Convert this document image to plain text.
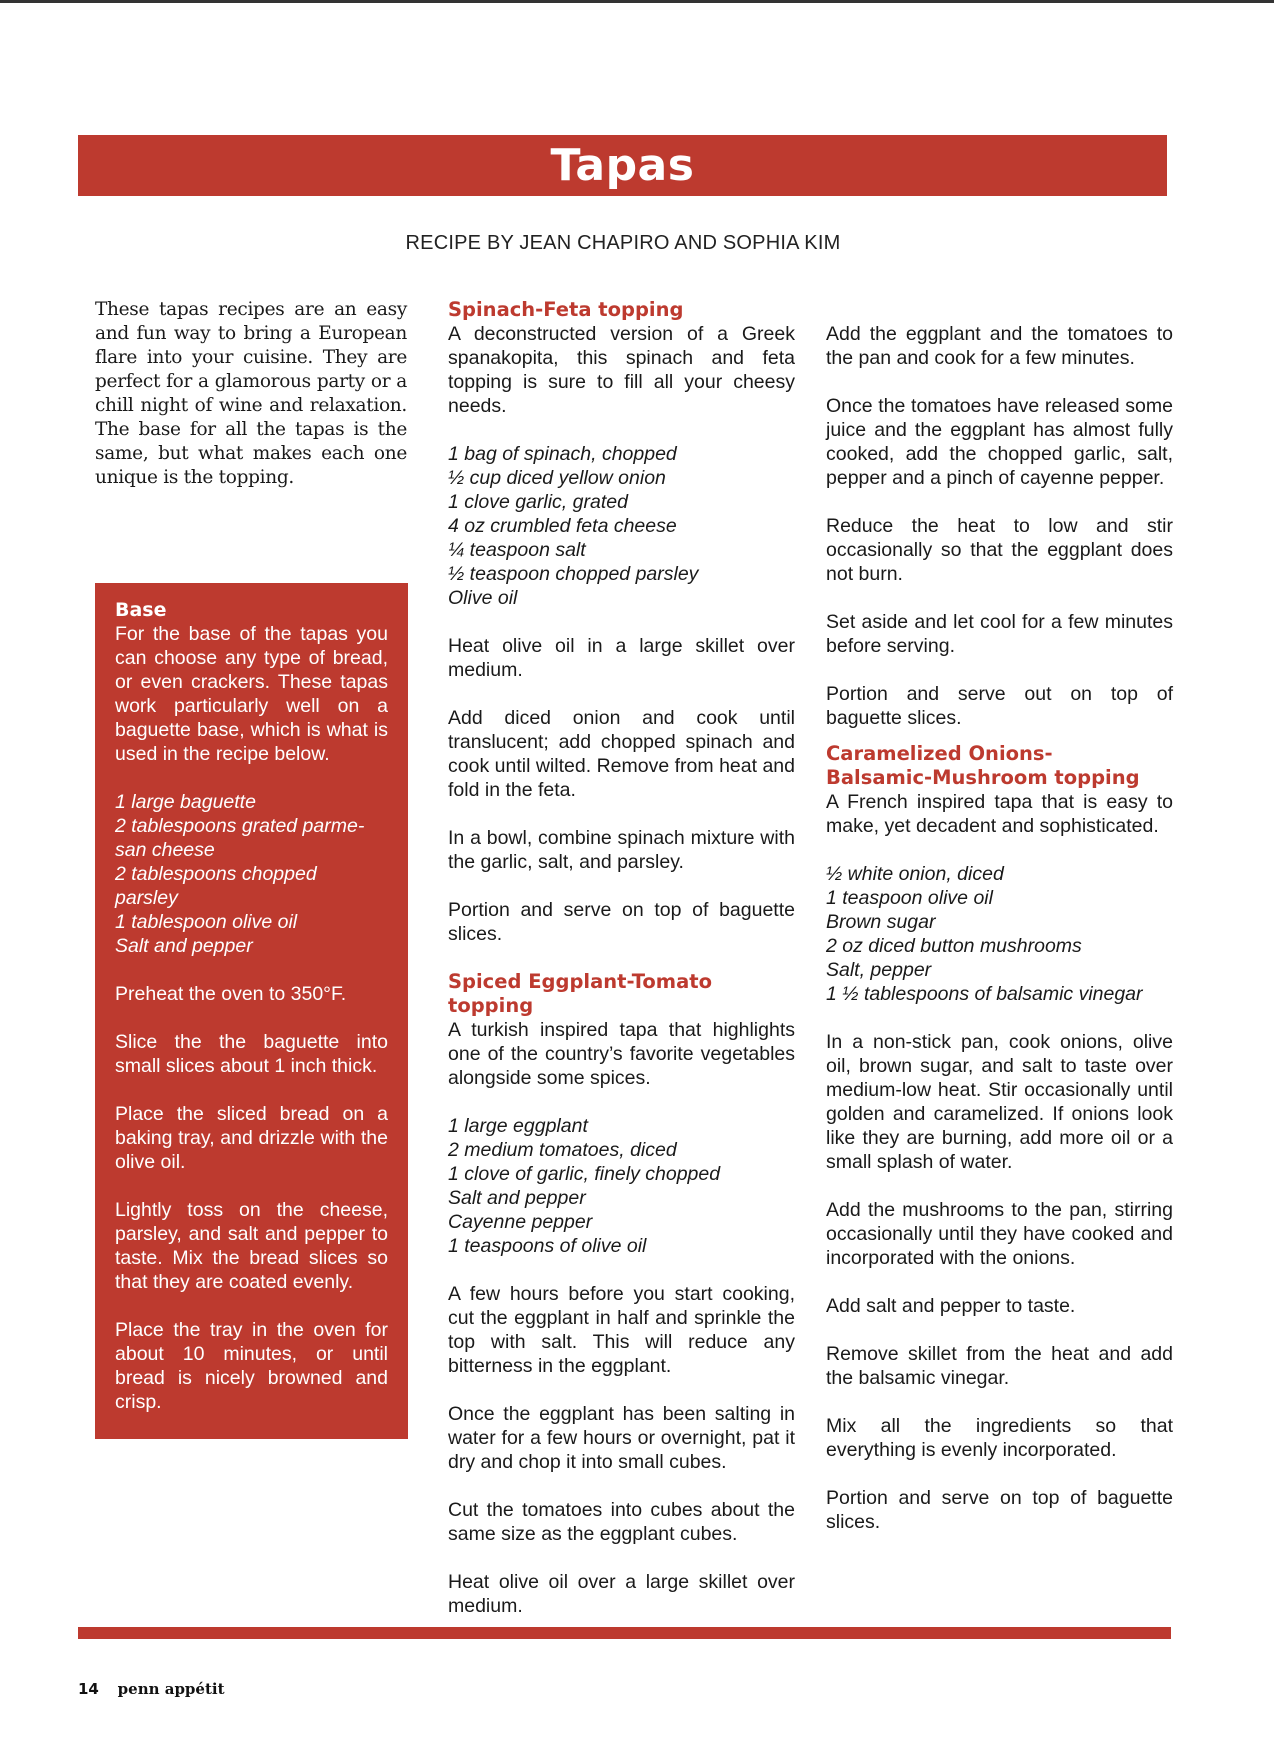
Tapas
RECIPE BY JEAN CHAPIRO AND SOPHIA KIM
These tapas recipes are an easy and fun way to bring a European flare into your cuisine. They are perfect for a glamorous party or a chill night of wine and relaxation. The base for all the tapas is the same, but what makes each one unique is the topping.
Base

For the base of the tapas you can choose any type of bread, or even crackers. These tapas work particularly well on a baguette base, which is what is used in the recipe below.

1 large baguette
2 tablespoons grated parme-
san cheese
2 tablespoons chopped
parsley
1 tablespoon olive oil
Salt and pepper

Preheat the oven to 350°F.

Slice the the baguette into small slices about 1 inch thick.

Place the sliced bread on a baking tray, and drizzle with the olive oil.

Lightly toss on the cheese, parsley, and salt and pepper to taste. Mix the bread slices so that they are coated evenly.

Place the tray in the oven for about 10 minutes, or until bread is nicely browned and crisp.

Spinach-Feta topping

A deconstructed version of a Greek spanakopita, this spinach and feta topping is sure to fill all your cheesy needs.

1 bag of spinach, chopped
½ cup diced yellow onion
1 clove garlic, grated
4 oz crumbled feta cheese
¼ teaspoon salt
½ teaspoon chopped parsley
Olive oil

Heat olive oil in a large skillet over medium.

Add diced onion and cook until translucent; add chopped spinach and cook until wilted. Remove from heat and fold in the feta.

In a bowl, combine spinach mixture with the garlic, salt, and parsley.

Portion and serve on top of baguette slices.

Spiced Eggplant-Tomato
topping

A turkish inspired tapa that highlights one of the country’s favorite vegetables alongside some spices.

1 large eggplant
2 medium tomatoes, diced
1 clove of garlic, finely chopped
Salt and pepper
Cayenne pepper
1 teaspoons of olive oil

A few hours before you start cooking, cut the eggplant in half and sprinkle the top with salt. This will reduce any bitterness in the eggplant.

Once the eggplant has been salting in water for a few hours or overnight, pat it dry and chop it into small cubes.

Cut the tomatoes into cubes about the same size as the eggplant cubes.

Heat olive oil over a large skillet over medium.

Add the eggplant and the tomatoes to the pan and cook for a few minutes.

Once the tomatoes have released some juice and the eggplant has almost fully cooked, add the chopped garlic, salt, pepper and a pinch of cayenne pepper.

Reduce the heat to low and stir occasionally so that the eggplant does not burn.

Set aside and let cool for a few minutes before serving.

Portion and serve out on top of baguette slices.

Caramelized Onions-
Balsamic-Mushroom topping

A French inspired tapa that is easy to make, yet decadent and sophisticated.

½ white onion, diced
1 teaspoon olive oil
Brown sugar
2 oz diced button mushrooms
Salt, pepper
1 ½ tablespoons of balsamic vinegar

In a non-stick pan, cook onions, olive oil, brown sugar, and salt to taste over medium-low heat. Stir occasionally until golden and caramelized. If onions look like they are burning, add more oil or a small splash of water.

Add the mushrooms to the pan, stirring occasionally until they have cooked and incorporated with the onions.

Add salt and pepper to taste.

Remove skillet from the heat and add the balsamic vinegar.

Mix all the ingredients so that everything is evenly incorporated.

Portion and serve on top of baguette slices.

14 penn appétit
